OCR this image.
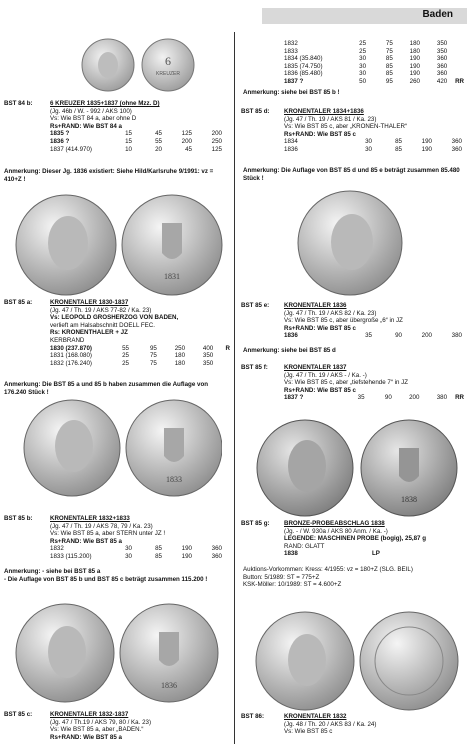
Baden
6
KREUZER
1831
1833
1836
1838
BST 84 b:	6 KREUZER 1835+1837 (ohne Mzz. D)
(Jg. 46b / W. - 992 / AKS 100)
Vs: Wie BST 84 a, aber ohne D
Rs+RAND: Wie BST 84 a
1835 ?	15	45	125	200
1836 ?	15	55	200	250
1837 (414.970)	10	20	45	125
Anmerkung: Dieser Jg. 1836 existiert: Siehe Hild/Karlsruhe 9/1991: vz = 410+Z !
BST 85 a:	KRONENTALER 1830-1837
(Jg. 47 / Th. 19 / AKS 77-82 / Ka. 23)
Vs: LEOPOLD GROSHERZOG VON BADEN,
verlieft am Halsabschnitt DOELL FEC.
Rs: KRONENTHALER + JZ
KERBRAND
1830 (237.870)	55	95	250	400	R
1831 (168.080)	25	75	180	350	
1832 (176.240)	25	75	180	350	
Anmerkung: Die BST 85 a und 85 b haben zusammen die Auflage von 176.240 Stück !
BST 85 b:	KRONENTALER 1832+1833
(Jg. 47 / Th. 19 / AKS 78, 79 / Ka. 23)
Vs: Wie BST 85 a, aber STERN unter JZ !
Rs+RAND: Wie BST 85 a
1832	30	85	190	360
1833 (115.200)	30	85	190	360
Anmerkung: - siehe bei BST 85 a
- Die Auflage von BST 85 b und BST 85 c beträgt zusammen 115.200 !
BST 85 c:	KRONENTALER 1832-1837
(Jg. 47 / Th.19 / AKS 79, 80 / Ka. 23)
Vs: Wie BST 85 a, aber „BADEN.“
Rs+RAND: Wie BST 85 a
1832	25	75	180	350	
1833	25	75	180	350	
1834 (35.840)	30	85	190	360	
1835 (74.750)	30	85	190	360	
1836 (85.480)	30	85	190	360	
1837 ?	50	95	260	420	RR
Anmerkung: siehe bei BST 85 b !
BST 85 d:	KRONENTALER 1834+1836
(Jg. 47 / Th. 19 / AKS 81 / Ka. 23)
Vs: Wie BST 85 c, aber „KRONEN-THALER“
Rs+RAND: Wie BST 85 c
1834	30	85	190	360
1836	30	85	190	360
Anmerkung: Die Auflage von BST 85 d und 85 e beträgt zusammen 85.480 Stück !
BST 85 e:	KRONENTALER 1836
(Jg. 47 / Th. 19 / AKS 82 / Ka. 23)
Vs: Wie BST 85 c, aber übergroße „6“ in JZ
Rs+RAND: Wie BST 85 c
1836	35	90	200	380
Anmerkung: siehe bei BST 85 d
BST 85 f:	KRONENTALER 1837
(Jg. 47 / Th. 19 / AKS - / Ka. -)
Vs: Wie BST 85 c, aber „tiefstehende 7“ in JZ
Rs+RAND: Wie BST 85 c
1837 ?	35	90	200	380	RR
BST 85 g:	BRONZE-PROBEABSCHLAG 1838
(Jg. - / W. 930a / AKS 80 Anm. / Ka. -)
LEGENDE: MASCHINEN PROBE (bogig), 25,87 g
RAND: GLATT
1838	LP
Auktions-Vorkommen: Kress: 4/1955: vz = 180+Z (SLG. BEIL)
Button: 5/1989: ST = 775+Z
KSK-Möller: 10/1989: ST = 4.600+Z
BST 86:	KRONENTALER 1832
(Jg. 48 / Th. 20 / AKS 83 / Ka. 24)
Vs: Wie BST 85 c
